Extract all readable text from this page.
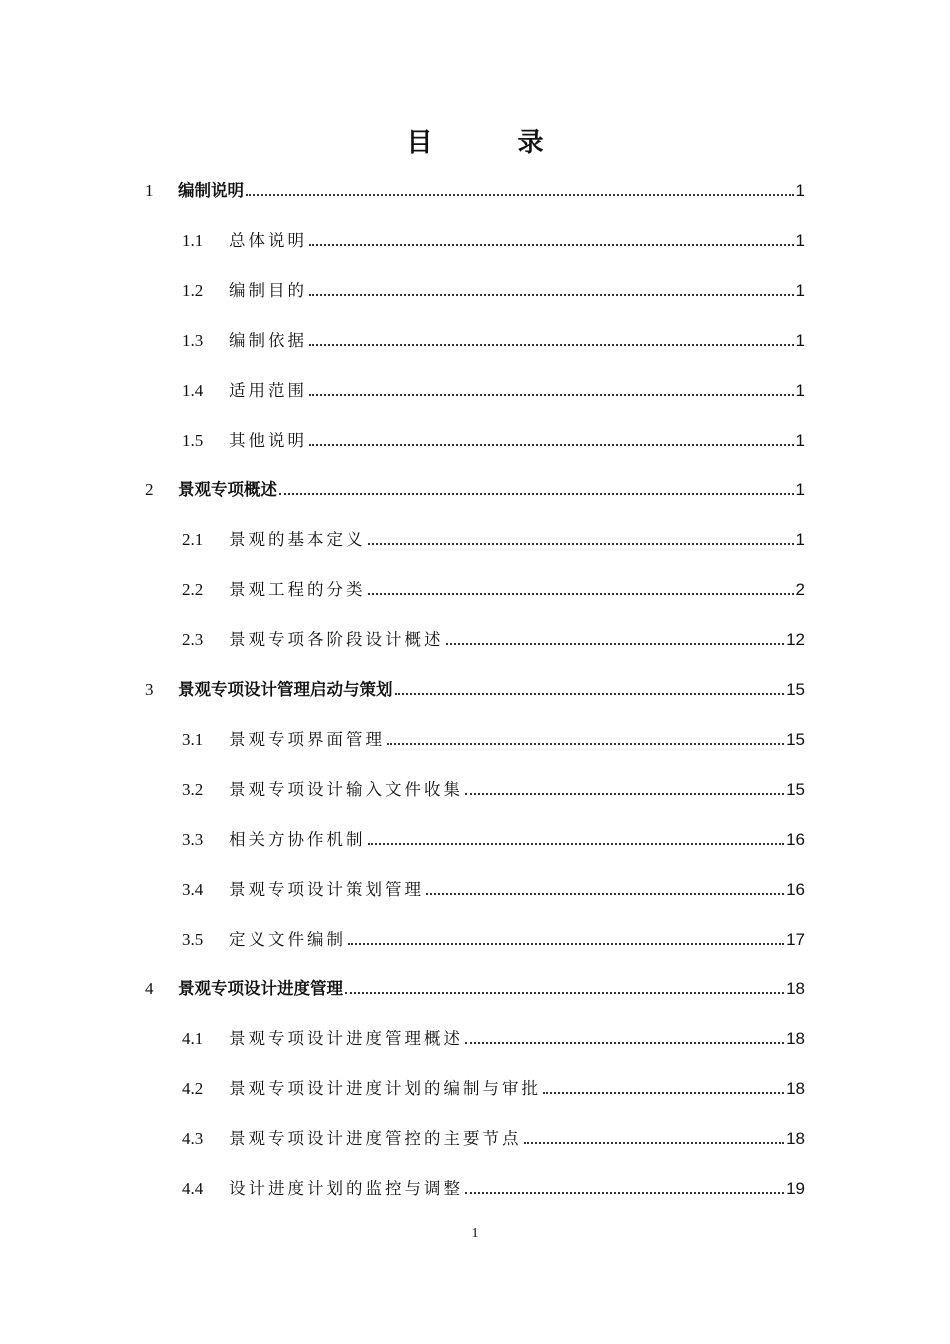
目 录
1	编制说明	1
1.1	总体说明	1
1.2	编制目的	1
1.3	编制依据	1
1.4	适用范围	1
1.5	其他说明	1
2	景观专项概述	1
2.1	景观的基本定义	1
2.2	景观工程的分类	2
2.3	景观专项各阶段设计概述	12
3	景观专项设计管理启动与策划	15
3.1	景观专项界面管理	15
3.2	景观专项设计输入文件收集	15
3.3	相关方协作机制	16
3.4	景观专项设计策划管理	16
3.5	定义文件编制	17
4	景观专项设计进度管理	18
4.1	景观专项设计进度管理概述	18
4.2	景观专项设计进度计划的编制与审批	18
4.3	景观专项设计进度管控的主要节点	18
4.4	设计进度计划的监控与调整	19
1
